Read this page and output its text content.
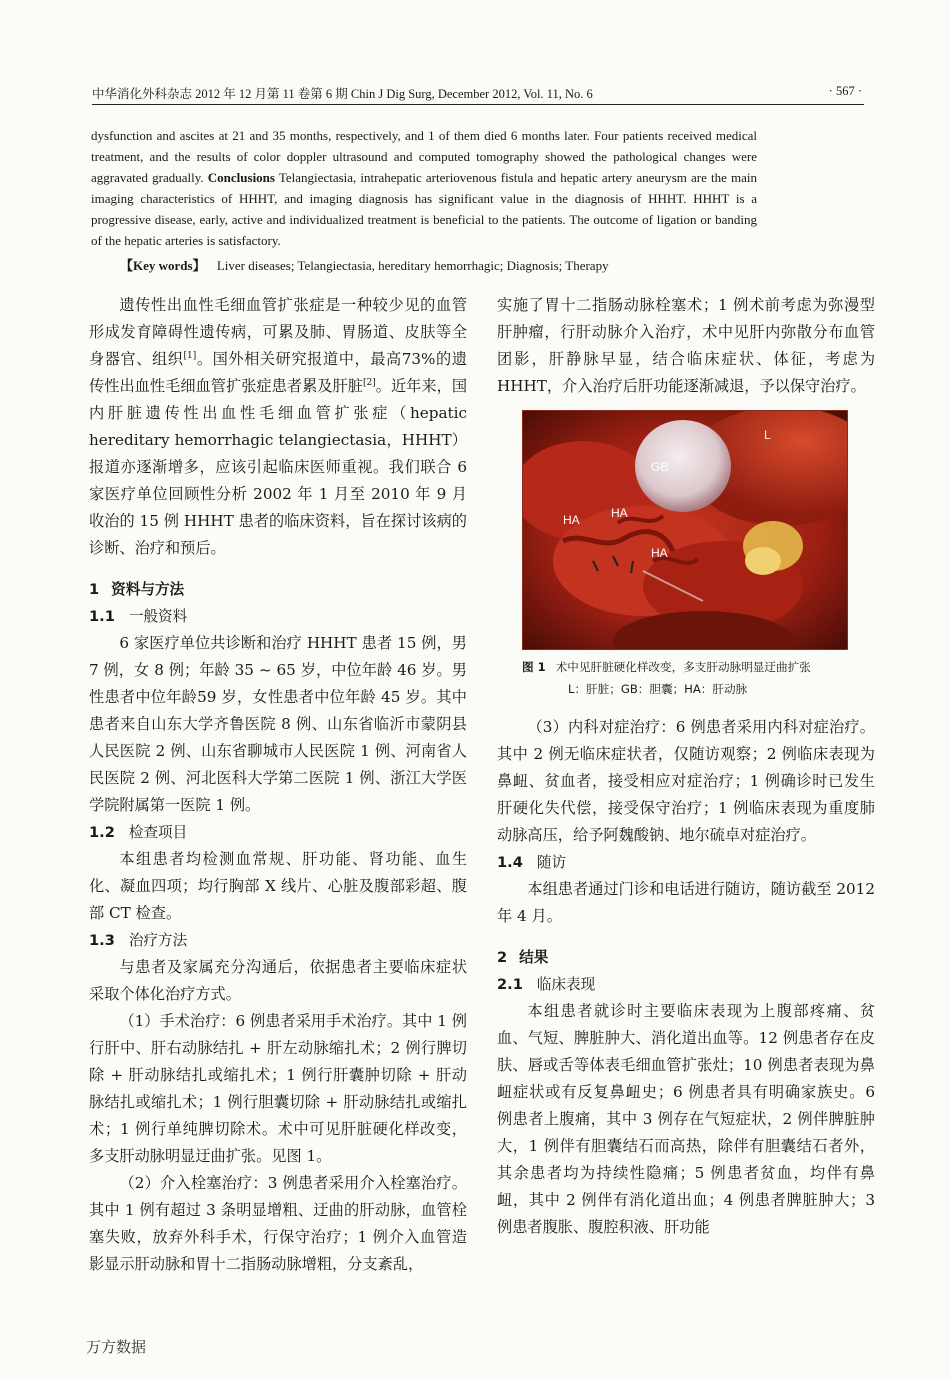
中华消化外科杂志 2012 年 12 月第 11 卷第 6 期 Chin J Dig Surg, December 2012, Vol. 11, No. 6	· 567 ·
dysfunction and ascites at 21 and 35 months, respectively, and 1 of them died 6 months later. Four patients received medical treatment, and the results of color doppler ultrasound and computed tomography showed the pathological changes were aggravated gradually. Conclusions Telangiectasia, intrahepatic arteriovenous fistula and hepatic artery aneurysm are the main imaging characteristics of HHHT, and imaging diagnosis has significant value in the diagnosis of HHHT. HHHT is a progressive disease, early, active and individualized treatment is beneficial to the patients. The outcome of ligation or banding of the hepatic arteries is satisfactory.
【Key words】 Liver diseases; Telangiectasia, hereditary hemorrhagic; Diagnosis; Therapy

遗传性出血性毛细血管扩张症是一种较少见的血管形成发育障碍性遗传病，可累及肺、胃肠道、皮肤等全身器官、组织[1]。国外相关研究报道中，最高73%的遗传性出血性毛细血管扩张症患者累及肝脏[2]。近年来，国内肝脏遗传性出血性毛细血管扩张症（hepatic hereditary hemorrhagic telangiectasia，HHHT）报道亦逐渐增多，应该引起临床医师重视。我们联合 6 家医疗单位回顾性分析 2002 年 1 月至 2010 年 9 月收治的 15 例 HHHT 患者的临床资料，旨在探讨该病的诊断、治疗和预后。

1 资料与方法
1.1 一般资料

6 家医疗单位共诊断和治疗 HHHT 患者 15 例，男 7 例，女 8 例；年龄 35 ~ 65 岁，中位年龄 46 岁。男性患者中位年龄59 岁，女性患者中位年龄 45 岁。其中患者来自山东大学齐鲁医院 8 例、山东省临沂市蒙阴县人民医院 2 例、山东省聊城市人民医院 1 例、河南省人民医院 2 例、河北医科大学第二医院 1 例、浙江大学医学院附属第一医院 1 例。

1.2 检查项目

本组患者均检测血常规、肝功能、肾功能、血生化、凝血四项；均行胸部 X 线片、心脏及腹部彩超、腹部 CT 检查。

1.3 治疗方法

与患者及家属充分沟通后，依据患者主要临床症状采取个体化治疗方式。

（1）手术治疗：6 例患者采用手术治疗。其中 1 例行肝中、肝右动脉结扎 + 肝左动脉缩扎术；2 例行脾切除 + 肝动脉结扎或缩扎术；1 例行肝囊肿切除 + 肝动脉结扎或缩扎术；1 例行胆囊切除 + 肝动脉结扎或缩扎术；1 例行单纯脾切除术。术中可见肝脏硬化样改变，多支肝动脉明显迂曲扩张。见图 1。

（2）介入栓塞治疗：3 例患者采用介入栓塞治疗。其中 1 例有超过 3 条明显增粗、迂曲的肝动脉，血管栓塞失败，放弃外科手术，行保守治疗；1 例介入血管造影显示肝动脉和胃十二指肠动脉增粗，分支紊乱，

实施了胃十二指肠动脉栓塞术；1 例术前考虑为弥漫型肝肿瘤，行肝动脉介入治疗，术中见肝内弥散分布血管团影，肝静脉早显，结合临床症状、体征，考虑为 HHHT，介入治疗后肝功能逐渐减退，予以保守治疗。

L
GB
HA	HA
HA
图 1 术中见肝脏硬化样改变，多支肝动脉明显迂曲扩张
L：肝脏；GB：胆囊；HA：肝动脉

（3）内科对症治疗：6 例患者采用内科对症治疗。其中 2 例无临床症状者，仅随访观察；2 例临床表现为鼻衄、贫血者，接受相应对症治疗；1 例确诊时已发生肝硬化失代偿，接受保守治疗；1 例临床表现为重度肺动脉高压，给予阿魏酸钠、地尔硫卓对症治疗。

1.4 随访

本组患者通过门诊和电话进行随访，随访截至 2012 年 4 月。

2 结果
2.1 临床表现

本组患者就诊时主要临床表现为上腹部疼痛、贫血、气短、脾脏肿大、消化道出血等。12 例患者存在皮肤、唇或舌等体表毛细血管扩张灶；10 例患者表现为鼻衄症状或有反复鼻衄史；6 例患者具有明确家族史。6 例患者上腹痛，其中 3 例存在气短症状，2 例伴脾脏肿大，1 例伴有胆囊结石而高热，除伴有胆囊结石者外，其余患者均为持续性隐痛；5 例患者贫血，均伴有鼻衄，其中 2 例伴有消化道出血；4 例患者脾脏肿大；3 例患者腹胀、腹腔积液、肝功能

万方数据
